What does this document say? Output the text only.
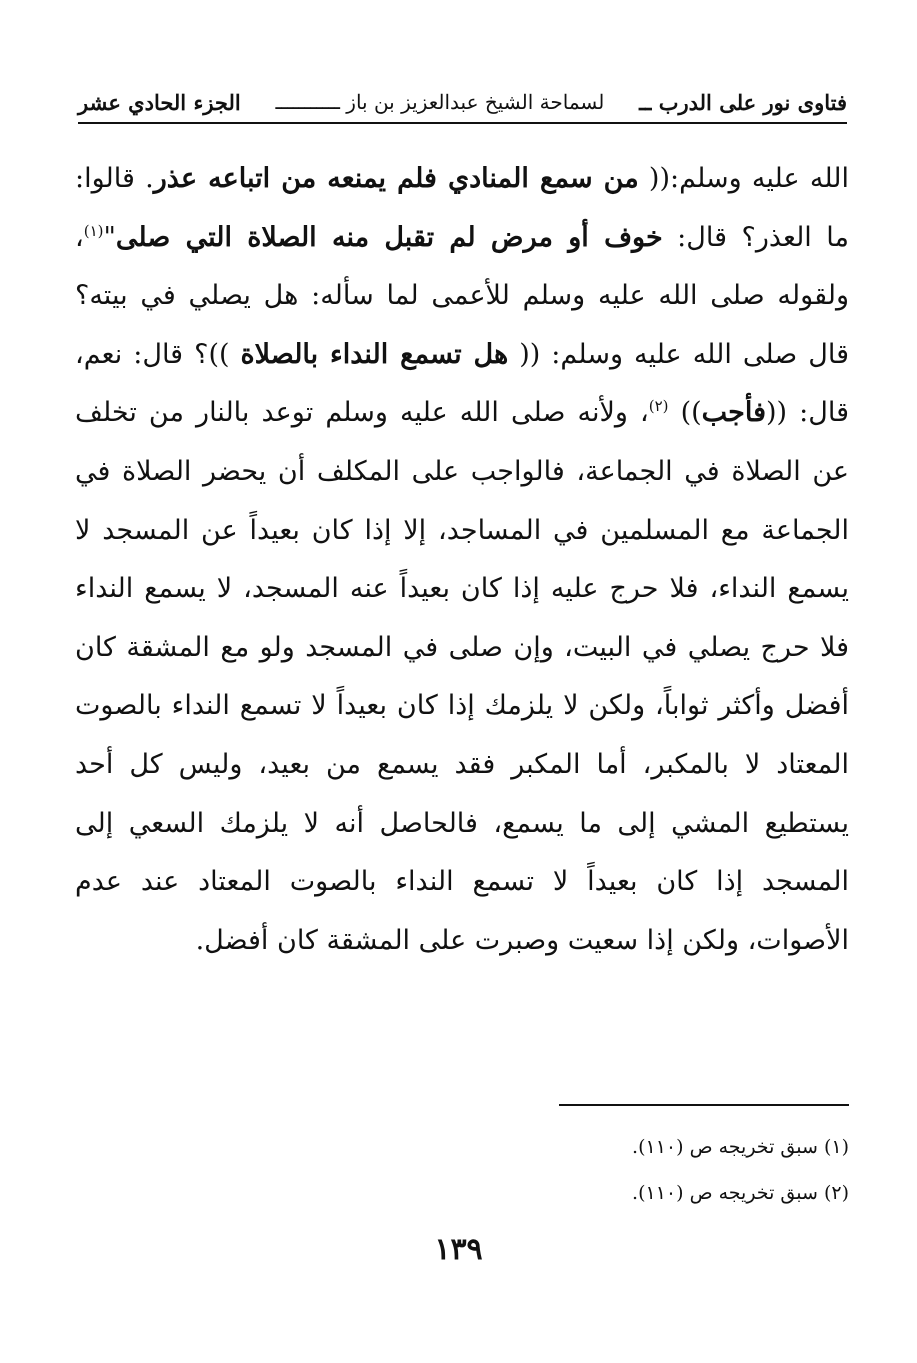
فتاوى نور على الدرب ــ
لسماحة الشيخ عبدالعزيز بن باز ـــــــــــ
الجزء الحادي عشر
الله عليه وسلم:(( من سمع المنادي فلم يمنعه من اتباعه عذر. قالوا: ما العذر؟ قال: خوف أو مرض لم تقبل منه الصلاة التي صلى"$^{(١)}$، ولقوله صلى الله عليه وسلم للأعمى لما سأله: هل يصلي في بيته؟ قال صلى الله عليه وسلم: (( هل تسمع النداء بالصلاة ))؟ قال: نعم، قال: ((فأجب)) $^{(٢)}$، ولأنه صلى الله عليه وسلم توعد بالنار من تخلف عن الصلاة في الجماعة، فالواجب على المكلف أن يحضر الصلاة في الجماعة مع المسلمين في المساجد، إلا إذا كان بعيداً عن المسجد لا يسمع النداء، فلا حرج عليه إذا كان بعيداً عنه المسجد، لا يسمع النداء فلا حرج يصلي في البيت، وإن صلى في المسجد ولو مع المشقة كان أفضل وأكثر ثواباً، ولكن لا يلزمك إذا كان بعيداً لا تسمع النداء بالصوت المعتاد لا بالمكبر، أما المكبر فقد يسمع من بعيد، وليس كل أحد يستطيع المشي إلى ما يسمع، فالحاصل أنه لا يلزمك السعي إلى المسجد إذا كان بعيداً لا تسمع النداء بالصوت المعتاد عند عدم الأصوات، ولكن إذا سعيت وصبرت على المشقة كان أفضل.
(١) سبق تخريجه ص (١١٠).
(٢) سبق تخريجه ص (١١٠).
١٣٩
